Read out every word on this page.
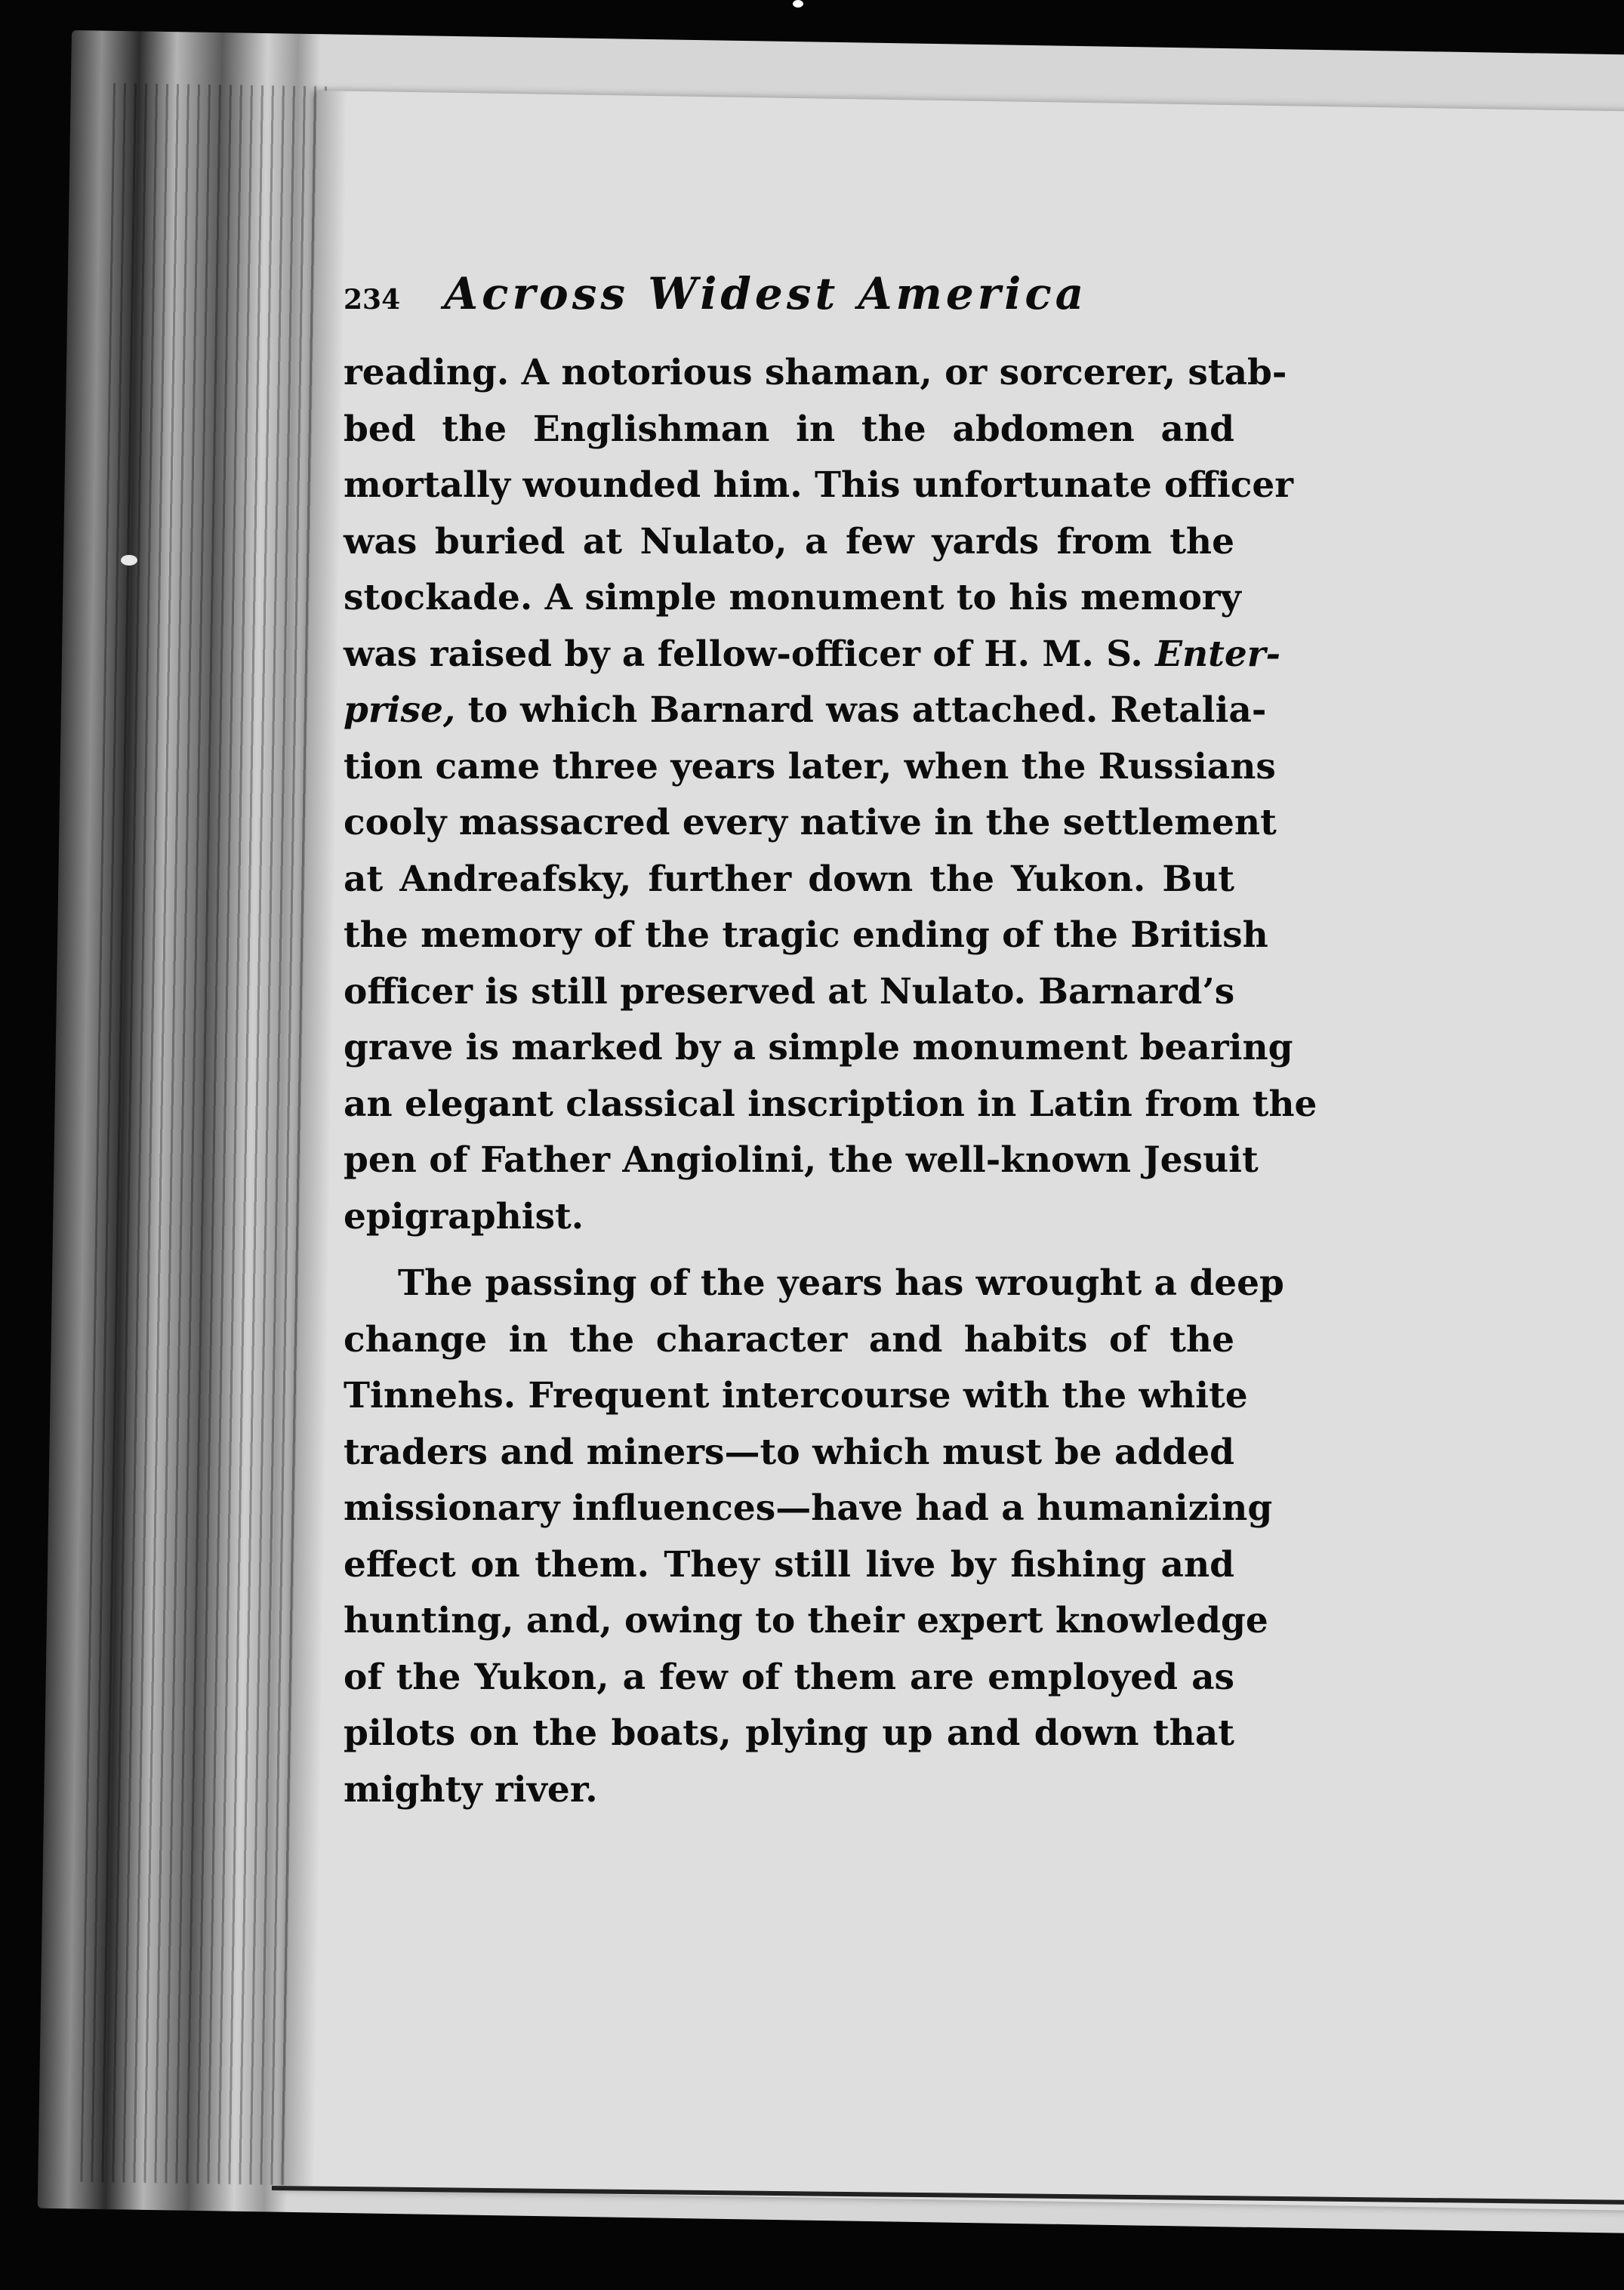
234 Across Widest America
reading. A notorious shaman, or sorcerer, stab-
bed the Englishman in the abdomen and
mortally wounded him. This unfortunate officer
was buried at Nulato, a few yards from the
stockade. A simple monument to his memory
was raised by a fellow-officer of H. M. S. Enter-
prise, to which Barnard was attached. Retalia-
tion came three years later, when the Russians
cooly massacred every native in the settlement
at Andreafsky, further down the Yukon. But
the memory of the tragic ending of the British
officer is still preserved at Nulato. Barnard’s
grave is marked by a simple monument bearing
an elegant classical inscription in Latin from the
pen of Father Angiolini, the well-known Jesuit
epigraphist.
The passing of the years has wrought a deep
change in the character and habits of the
Tinnehs. Frequent intercourse with the white
traders and miners—to which must be added
missionary influences—have had a humanizing
effect on them. They still live by fishing and
hunting, and, owing to their expert knowledge
of the Yukon, a few of them are employed as
pilots on the boats, plying up and down that
mighty river.
